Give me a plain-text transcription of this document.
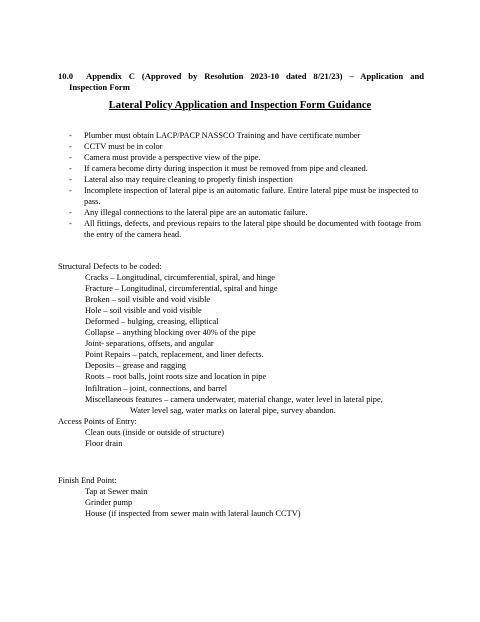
10.0 Appendix C (Approved by Resolution 2023-10 dated 8/21/23) – Application and
Inspection Form
Lateral Policy Application and Inspection Form Guidance
- Plumber must obtain LACP/PACP NASSCO Training and have certificate number
- CCTV must be in color
- Camera must provide a perspective view of the pipe.
- If camera become dirty during inspection it must be removed from pipe and cleaned.
- Lateral also may require cleaning to properly finish inspection
- Incomplete inspection of lateral pipe is an automatic failure. Entire lateral pipe must be inspected to pass.
- Any illegal connections to the lateral pipe are an automatic failure.
- All fittings, defects, and previous repairs to the lateral pipe should be documented with footage from the entry of the camera head.
Structural Defects to be coded:
Cracks – Longitudinal, circumferential, spiral, and hinge
Fracture – Longitudinal, circumferential, spiral and hinge
Broken – soil visible and void visible
Hole – soil visible and void visible
Deformed – bulging, creasing, elliptical
Collapse – anything blocking over 40% of the pipe
Joint- separations, offsets, and angular
Point Repairs – patch, replacement, and liner defects.
Deposits – grease and ragging
Roots – root balls, joint roots size and location in pipe
Infiltration – joint, connections, and barrel
Miscellaneous features – camera underwater, material change, water level in lateral pipe,
Water level sag, water marks on lateral pipe, survey abandon.
Access Points of Entry:
Clean outs (inside or outside of structure)
Floor drain
Finish End Point:
Tap at Sewer main
Grinder pump
House (if inspected from sewer main with lateral launch CCTV)
